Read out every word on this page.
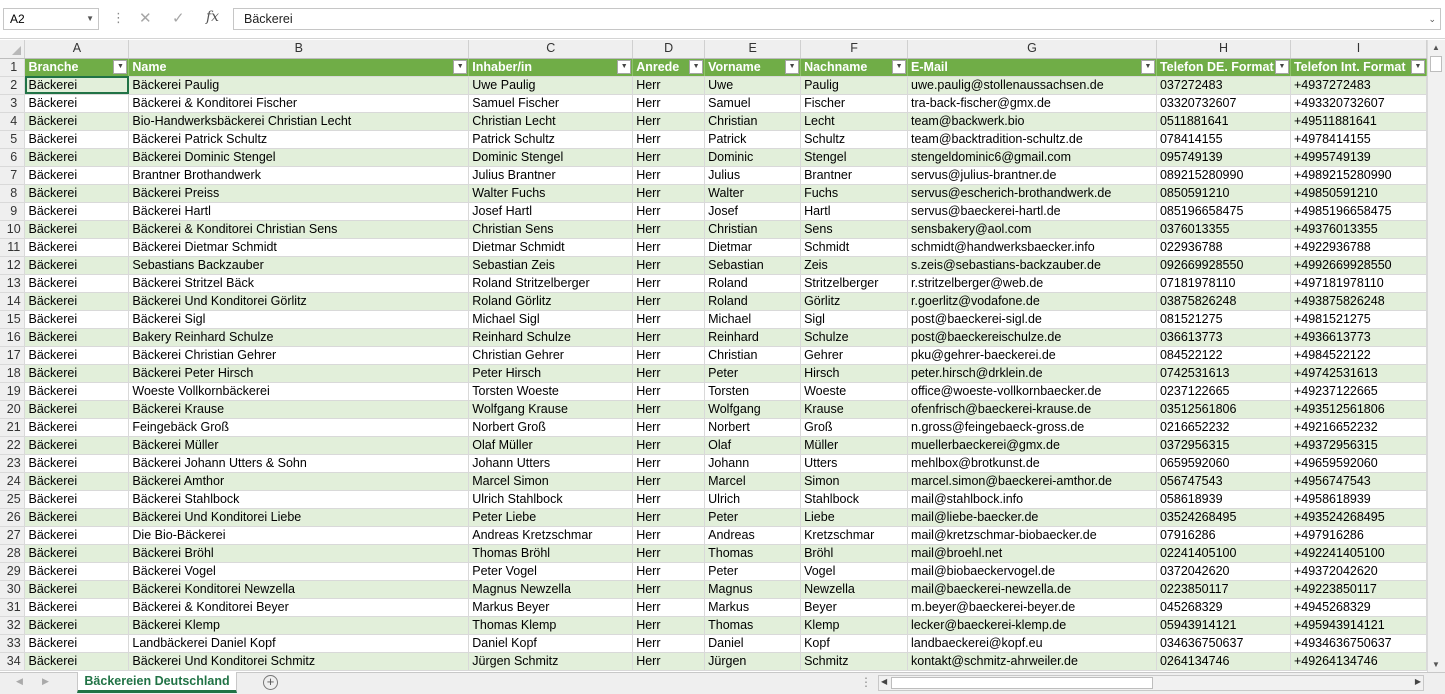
A2	▼ ⋮ ✕ ✓ fx	Bäckerei	⌄
	A	B	C	D	E	F	G	H	I
1	Branche ▼	Name ▼	Inhaber/in ▼	Anrede ▼	Vorname ▼	Nachname ▼	E-Mail ▼	Telefon DE. Format ▼	Telefon Int. Format ▼

2	Bäckerei	Bäckerei Paulig	Uwe Paulig	Herr	Uwe	Paulig	uwe.paulig@stollenaussachsen.de	037272483	+4937272483
3	Bäckerei	Bäckerei & Konditorei Fischer	Samuel Fischer	Herr	Samuel	Fischer	tra-back-fischer@gmx.de	03320732607	+493320732607
4	Bäckerei	Bio-Handwerksbäckerei Christian Lecht	Christian Lecht	Herr	Christian	Lecht	team@backwerk.bio	0511881641	+49511881641
5	Bäckerei	Bäckerei Patrick Schultz	Patrick Schultz	Herr	Patrick	Schultz	team@backtradition-schultz.de	078414155	+4978414155
6	Bäckerei	Bäckerei Dominic Stengel	Dominic Stengel	Herr	Dominic	Stengel	stengeldominic6@gmail.com	095749139	+4995749139
7	Bäckerei	Brantner Brothandwerk	Julius Brantner	Herr	Julius	Brantner	servus@julius-brantner.de	089215280990	+4989215280990
8	Bäckerei	Bäckerei Preiss	Walter Fuchs	Herr	Walter	Fuchs	servus@escherich-brothandwerk.de	0850591210	+49850591210
9	Bäckerei	Bäckerei Hartl	Josef Hartl	Herr	Josef	Hartl	servus@baeckerei-hartl.de	085196658475	+4985196658475
10	Bäckerei	Bäckerei & Konditorei Christian Sens	Christian Sens	Herr	Christian	Sens	sensbakery@aol.com	0376013355	+49376013355
11	Bäckerei	Bäckerei Dietmar Schmidt	Dietmar Schmidt	Herr	Dietmar	Schmidt	schmidt@handwerksbaecker.info	022936788	+4922936788
12	Bäckerei	Sebastians Backzauber	Sebastian Zeis	Herr	Sebastian	Zeis	s.zeis@sebastians-backzauber.de	092669928550	+4992669928550
13	Bäckerei	Bäckerei Stritzel Bäck	Roland Stritzelberger	Herr	Roland	Stritzelberger	r.stritzelberger@web.de	07181978110	+497181978110
14	Bäckerei	Bäckerei Und Konditorei Görlitz	Roland Görlitz	Herr	Roland	Görlitz	r.goerlitz@vodafone.de	03875826248	+493875826248
15	Bäckerei	Bäckerei Sigl	Michael Sigl	Herr	Michael	Sigl	post@baeckerei-sigl.de	081521275	+4981521275
16	Bäckerei	Bakery Reinhard Schulze	Reinhard Schulze	Herr	Reinhard	Schulze	post@baeckereischulze.de	036613773	+4936613773
17	Bäckerei	Bäckerei Christian Gehrer	Christian Gehrer	Herr	Christian	Gehrer	pku@gehrer-baeckerei.de	084522122	+4984522122
18	Bäckerei	Bäckerei Peter Hirsch	Peter Hirsch	Herr	Peter	Hirsch	peter.hirsch@drklein.de	0742531613	+49742531613
19	Bäckerei	Woeste Vollkornbäckerei	Torsten Woeste	Herr	Torsten	Woeste	office@woeste-vollkornbaecker.de	0237122665	+49237122665
20	Bäckerei	Bäckerei Krause	Wolfgang Krause	Herr	Wolfgang	Krause	ofenfrisch@baeckerei-krause.de	03512561806	+493512561806
21	Bäckerei	Feingebäck Groß	Norbert Groß	Herr	Norbert	Groß	n.gross@feingebaeck-gross.de	0216652232	+49216652232
22	Bäckerei	Bäckerei Müller	Olaf Müller	Herr	Olaf	Müller	muellerbaeckerei@gmx.de	0372956315	+49372956315
23	Bäckerei	Bäckerei Johann Utters & Sohn	Johann Utters	Herr	Johann	Utters	mehlbox@brotkunst.de	0659592060	+49659592060
24	Bäckerei	Bäckerei Amthor	Marcel Simon	Herr	Marcel	Simon	marcel.simon@baeckerei-amthor.de	056747543	+4956747543
25	Bäckerei	Bäckerei Stahlbock	Ulrich Stahlbock	Herr	Ulrich	Stahlbock	mail@stahlbock.info	058618939	+4958618939
26	Bäckerei	Bäckerei Und Konditorei Liebe	Peter Liebe	Herr	Peter	Liebe	mail@liebe-baecker.de	03524268495	+493524268495
27	Bäckerei	Die Bio-Bäckerei	Andreas Kretzschmar	Herr	Andreas	Kretzschmar	mail@kretzschmar-biobaecker.de	07916286	+497916286
28	Bäckerei	Bäckerei Bröhl	Thomas Bröhl	Herr	Thomas	Bröhl	mail@broehl.net	02241405100	+492241405100
29	Bäckerei	Bäckerei Vogel	Peter Vogel	Herr	Peter	Vogel	mail@biobaeckervogel.de	0372042620	+49372042620
30	Bäckerei	Bäckerei Konditorei Newzella	Magnus Newzella	Herr	Magnus	Newzella	mail@baeckerei-newzella.de	0223850117	+49223850117
31	Bäckerei	Bäckerei & Konditorei Beyer	Markus Beyer	Herr	Markus	Beyer	m.beyer@baeckerei-beyer.de	045268329	+4945268329
32	Bäckerei	Bäckerei Klemp	Thomas Klemp	Herr	Thomas	Klemp	lecker@baeckerei-klemp.de	05943914121	+495943914121
33	Bäckerei	Landbäckerei Daniel Kopf	Daniel Kopf	Herr	Daniel	Kopf	landbaeckerei@kopf.eu	034636750637	+4934636750637
34	Bäckerei	Bäckerei Und Konditorei Schmitz	Jürgen Schmitz	Herr	Jürgen	Schmitz	kontakt@schmitz-ahrweiler.de	0264134746	+49264134746
▲
▼
◀ ▶	Bäckereien Deutschland	+	⋮ ◀	▶
